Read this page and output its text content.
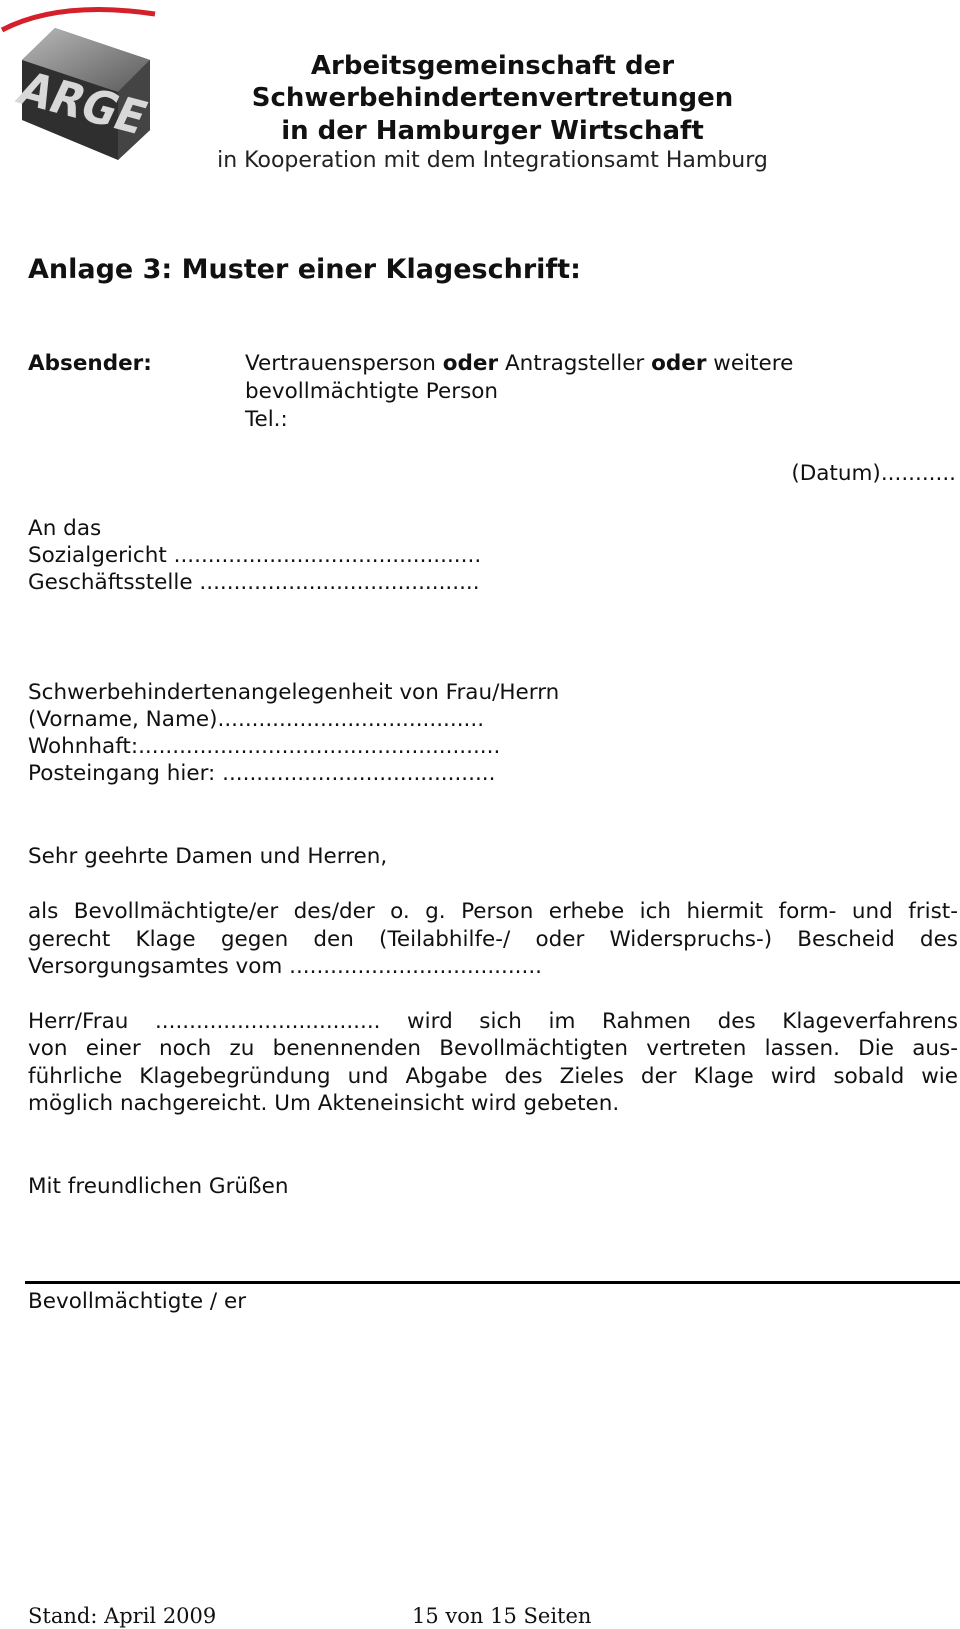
ARGE	Arbeitsgemeinschaft der
Schwerbehindertenvertretungen
in der Hamburger Wirtschaft
in Kooperation mit dem Integrationsamt Hamburg
Anlage 3: Muster einer Klageschrift:
Absender:	Vertrauensperson oder Antragsteller oder weitere
bevollmächtigte Person
Tel.:
(Datum)...........
An das
Sozialgericht .............................................
Geschäftsstelle .........................................
Schwerbehindertenangelegenheit von Frau/Herrn
(Vorname, Name).......................................
Wohnhaft:.....................................................
Posteingang hier: ........................................
Sehr geehrte Damen und Herren,
als Bevollmächtigte/er des/der o. g. Person erhebe ich hiermit form- und frist-
gerecht Klage gegen den (Teilabhilfe-/ oder Widerspruchs-) Bescheid des
Versorgungsamtes vom .....................................
Herr/Frau ................................. wird sich im Rahmen des Klageverfahrens
von einer noch zu benennenden Bevollmächtigten vertreten lassen. Die aus-
führliche Klagebegründung und Abgabe des Zieles der Klage wird sobald wie
möglich nachgereicht. Um Akteneinsicht wird gebeten.
Mit freundlichen Grüßen
Bevollmächtigte / er
Stand: April 2009	15 von 15 Seiten
